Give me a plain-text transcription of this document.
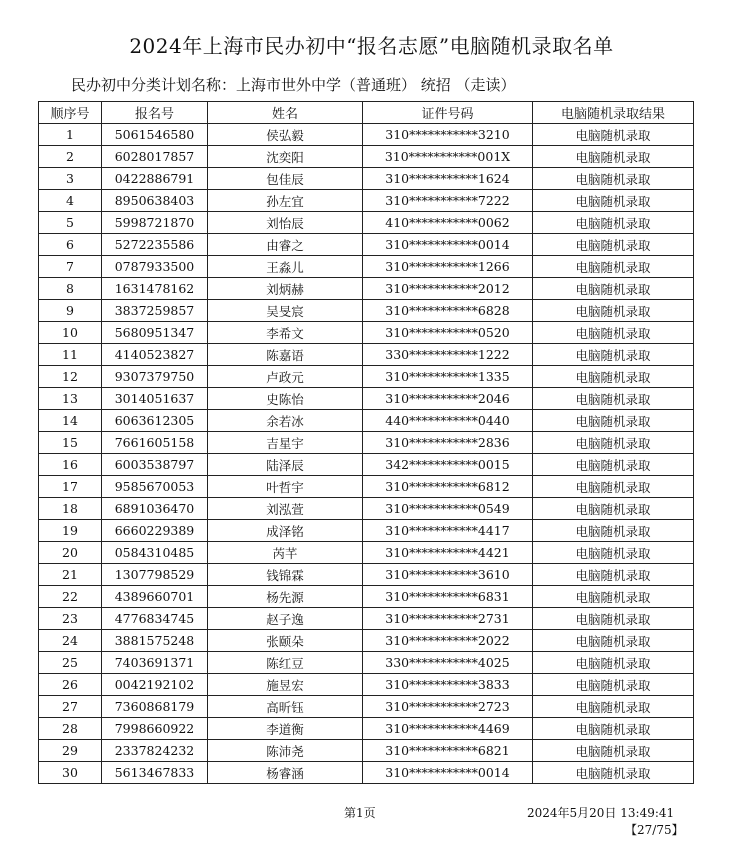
2024年上海市民办初中“报名志愿”电脑随机录取名单
民办初中分类计划名称：上海市世外中学（普通班） 统招 （走读）
顺序号	报名号	姓名	证件号码	电脑随机录取结果
1	5061546580	侯弘毅	310***********3210	电脑随机录取
2	6028017857	沈奕阳	310***********001X	电脑随机录取
3	0422886791	包佳辰	310***********1624	电脑随机录取
4	8950638403	孙左宜	310***********7222	电脑随机录取
5	5998721870	刘怡辰	410***********0062	电脑随机录取
6	5272235586	由睿之	310***********0014	电脑随机录取
7	0787933500	王淼儿	310***********1266	电脑随机录取
8	1631478162	刘炳赫	310***********2012	电脑随机录取
9	3837259857	吴旻宸	310***********6828	电脑随机录取
10	5680951347	李希文	310***********0520	电脑随机录取
11	4140523827	陈嘉语	330***********1222	电脑随机录取
12	9307379750	卢政元	310***********1335	电脑随机录取
13	3014051637	史陈怡	310***********2046	电脑随机录取
14	6063612305	余若冰	440***********0440	电脑随机录取
15	7661605158	吉星宇	310***********2836	电脑随机录取
16	6003538797	陆泽辰	342***********0015	电脑随机录取
17	9585670053	叶哲宇	310***********6812	电脑随机录取
18	6891036470	刘泓萱	310***********0549	电脑随机录取
19	6660229389	成泽铭	310***********4417	电脑随机录取
20	0584310485	芮芊	310***********4421	电脑随机录取
21	1307798529	钱锦霖	310***********3610	电脑随机录取
22	4389660701	杨先源	310***********6831	电脑随机录取
23	4776834745	赵子逸	310***********2731	电脑随机录取
24	3881575248	张颐朵	310***********2022	电脑随机录取
25	7403691371	陈红豆	330***********4025	电脑随机录取
26	0042192102	施昱宏	310***********3833	电脑随机录取
27	7360868179	高昕钰	310***********2723	电脑随机录取
28	7998660922	李道衡	310***********4469	电脑随机录取
29	2337824232	陈沛尧	310***********6821	电脑随机录取
30	5613467833	杨睿涵	310***********0014	电脑随机录取
第1页	2024年5月20日 13:49:41
【27/75】
